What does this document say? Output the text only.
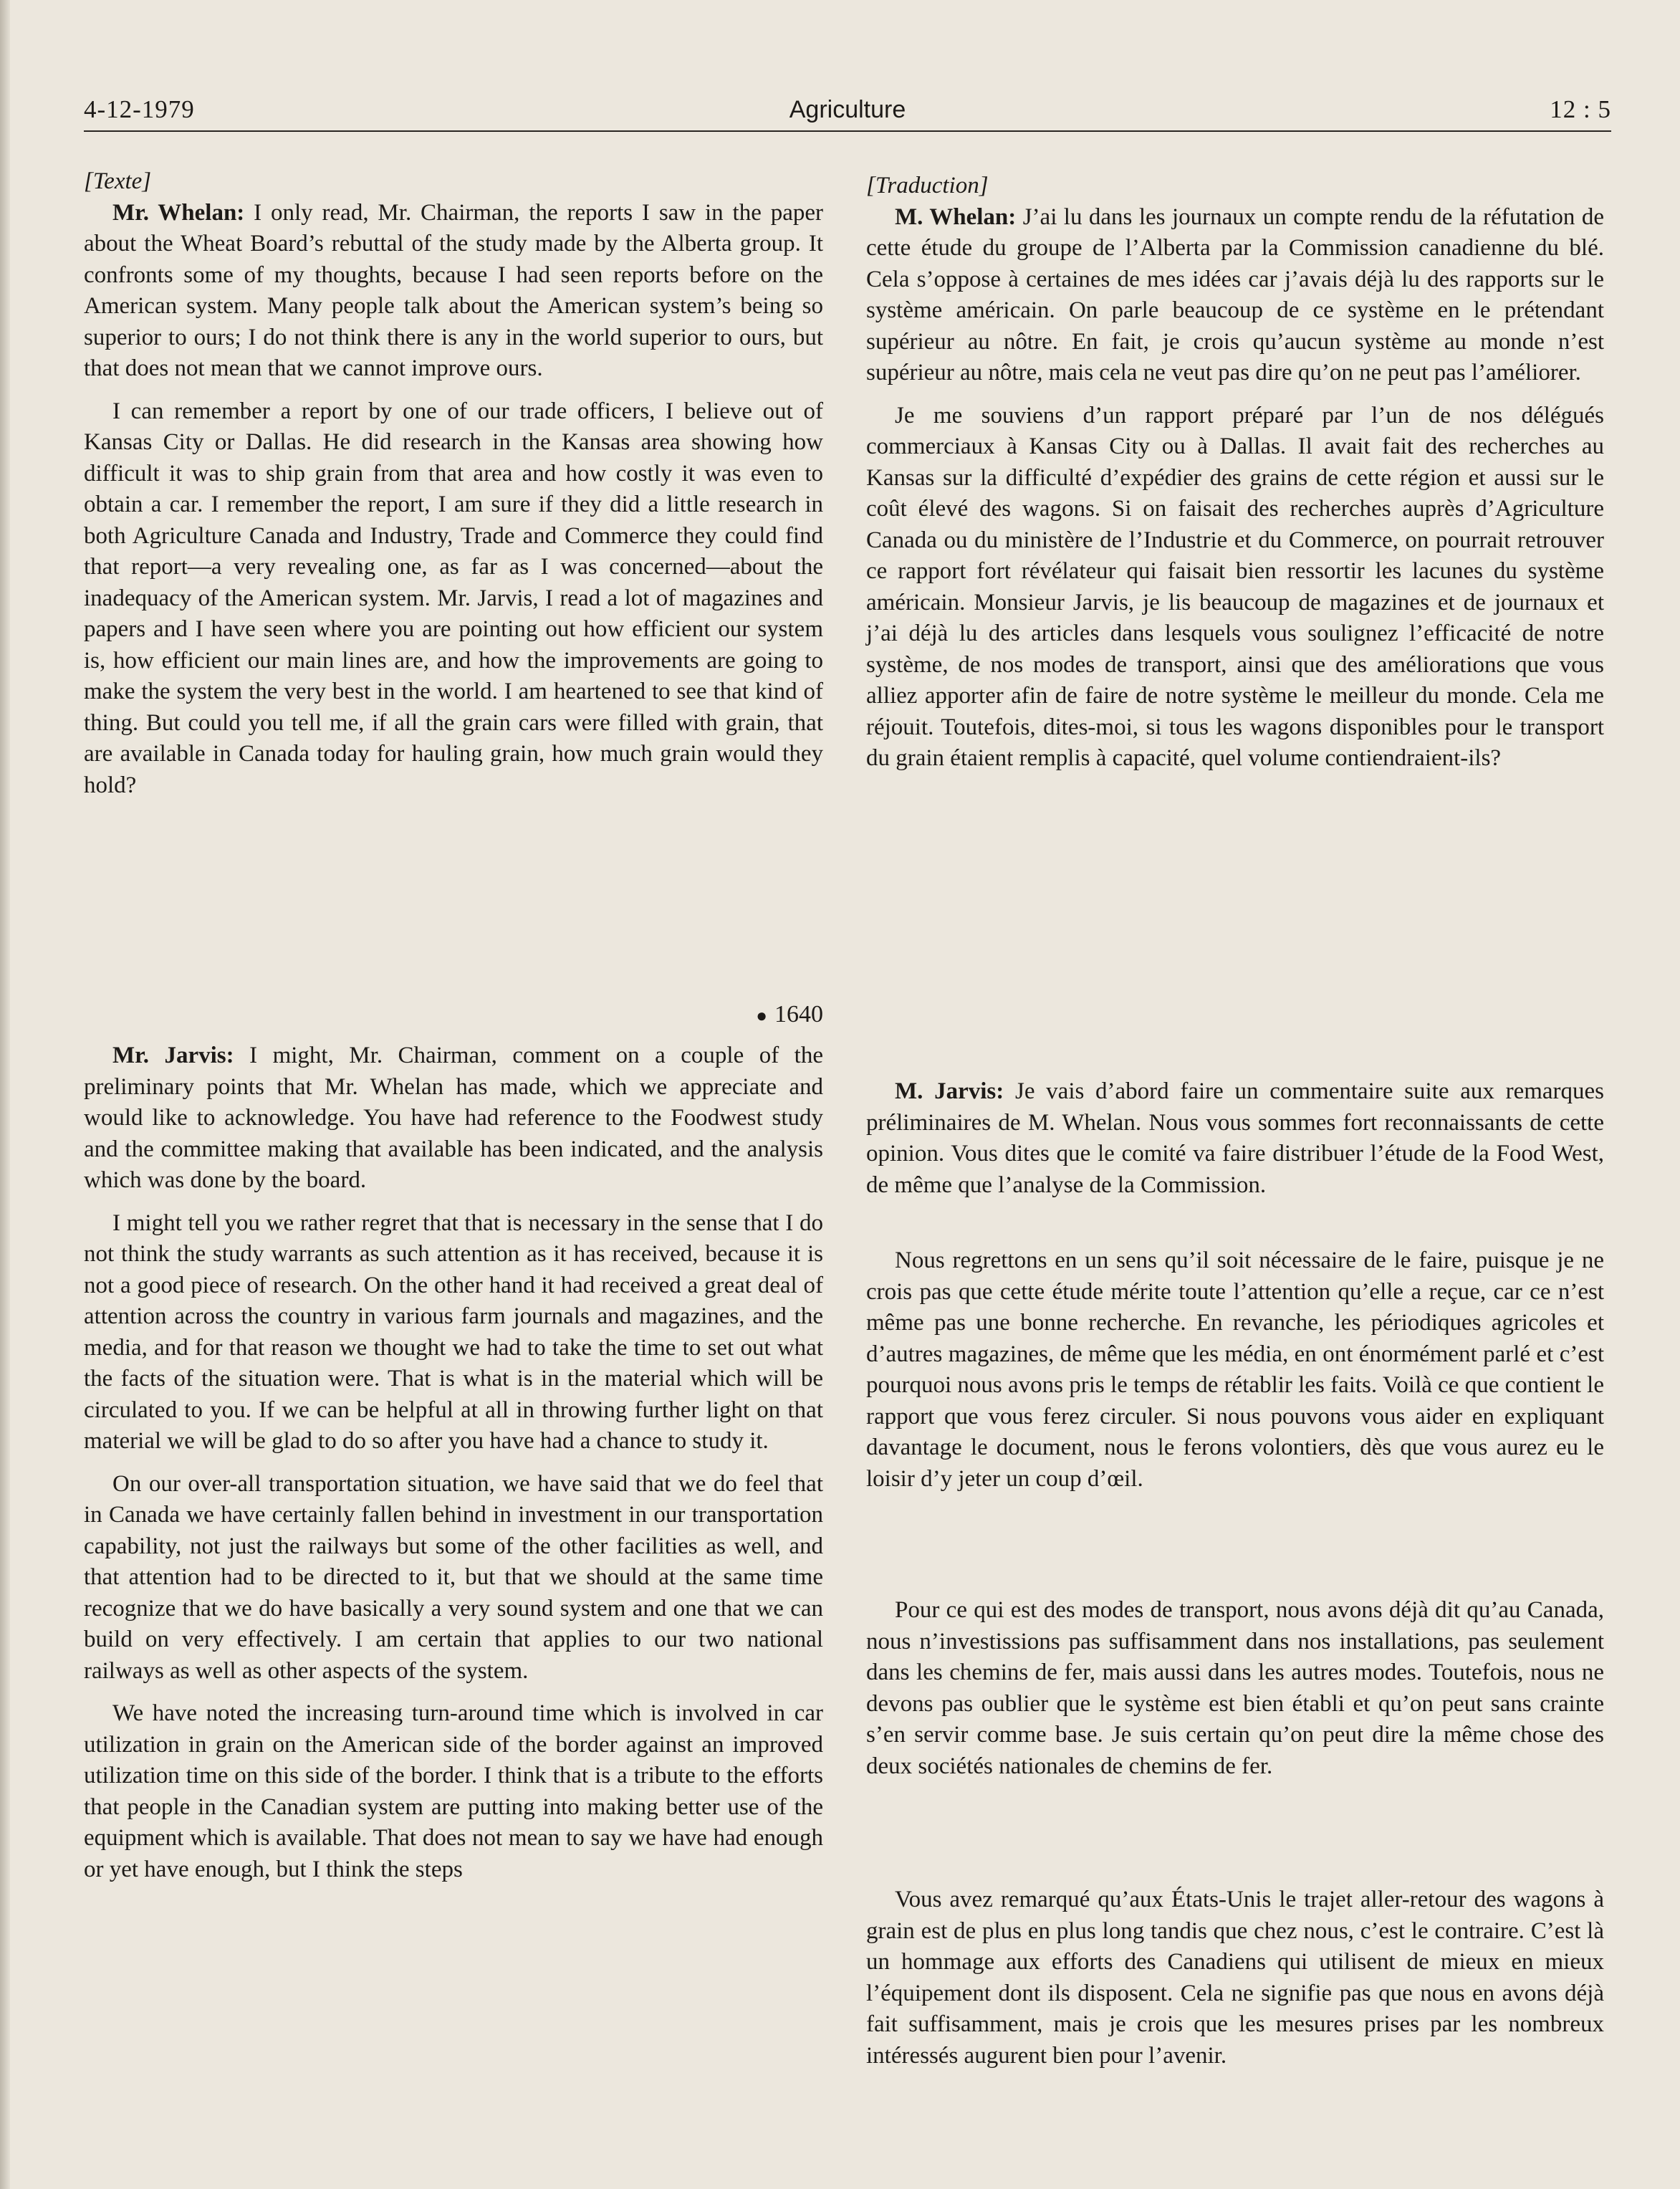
4-12-1979	Agriculture	12 : 5

[Texte]

Mr. Whelan: I only read, Mr. Chairman, the reports I saw in the paper about the Wheat Board’s rebuttal of the study made by the Alberta group. It confronts some of my thoughts, because I had seen reports before on the American system. Many people talk about the American system’s being so superior to ours; I do not think there is any in the world superior to ours, but that does not mean that we cannot improve ours.

I can remember a report by one of our trade officers, I believe out of Kansas City or Dallas. He did research in the Kansas area showing how difficult it was to ship grain from that area and how costly it was even to obtain a car. I remember the report, I am sure if they did a little research in both Agriculture Canada and Industry, Trade and Commerce they could find that report—a very revealing one, as far as I was concerned—about the inadequacy of the American system. Mr. Jarvis, I read a lot of magazines and papers and I have seen where you are pointing out how efficient our system is, how efficient our main lines are, and how the improvements are going to make the system the very best in the world. I am heartened to see that kind of thing. But could you tell me, if all the grain cars were filled with grain, that are available in Canada today for hauling grain, how much grain would they hold?

● 1640

Mr. Jarvis: I might, Mr. Chairman, comment on a couple of the preliminary points that Mr. Whelan has made, which we appreciate and would like to acknowledge. You have had reference to the Foodwest study and the committee making that available has been indicated, and the analysis which was done by the board.

I might tell you we rather regret that that is necessary in the sense that I do not think the study warrants as such attention as it has received, because it is not a good piece of research. On the other hand it had received a great deal of attention across the country in various farm journals and magazines, and the media, and for that reason we thought we had to take the time to set out what the facts of the situation were. That is what is in the material which will be circulated to you. If we can be helpful at all in throwing further light on that material we will be glad to do so after you have had a chance to study it.

On our over-all transportation situation, we have said that we do feel that in Canada we have certainly fallen behind in investment in our transportation capability, not just the railways but some of the other facilities as well, and that attention had to be directed to it, but that we should at the same time recognize that we do have basically a very sound system and one that we can build on very effectively. I am certain that applies to our two national railways as well as other aspects of the system.

We have noted the increasing turn-around time which is involved in car utilization in grain on the American side of the border against an improved utilization time on this side of the border. I think that is a tribute to the efforts that people in the Canadian system are putting into making better use of the equipment which is available. That does not mean to say we have had enough or yet have enough, but I think the steps

[Traduction]

M. Whelan: J’ai lu dans les journaux un compte rendu de la réfutation de cette étude du groupe de l’Alberta par la Commission canadienne du blé. Cela s’oppose à certaines de mes idées car j’avais déjà lu des rapports sur le système américain. On parle beaucoup de ce système en le prétendant supérieur au nôtre. En fait, je crois qu’aucun système au monde n’est supérieur au nôtre, mais cela ne veut pas dire qu’on ne peut pas l’améliorer.

Je me souviens d’un rapport préparé par l’un de nos délégués commerciaux à Kansas City ou à Dallas. Il avait fait des recherches au Kansas sur la difficulté d’expédier des grains de cette région et aussi sur le coût élevé des wagons. Si on faisait des recherches auprès d’Agriculture Canada ou du ministère de l’Industrie et du Commerce, on pourrait retrouver ce rapport fort révélateur qui faisait bien ressortir les lacunes du système américain. Monsieur Jarvis, je lis beaucoup de magazines et de journaux et j’ai déjà lu des articles dans lesquels vous soulignez l’efficacité de notre système, de nos modes de transport, ainsi que des améliorations que vous alliez apporter afin de faire de notre système le meilleur du monde. Cela me réjouit. Toutefois, dites-moi, si tous les wagons disponibles pour le transport du grain étaient remplis à capacité, quel volume contiendraient-ils?

M. Jarvis: Je vais d’abord faire un commentaire suite aux remarques préliminaires de M. Whelan. Nous vous sommes fort reconnaissants de cette opinion. Vous dites que le comité va faire distribuer l’étude de la Food West, de même que l’analyse de la Commission.

Nous regrettons en un sens qu’il soit nécessaire de le faire, puisque je ne crois pas que cette étude mérite toute l’attention qu’elle a reçue, car ce n’est même pas une bonne recherche. En revanche, les périodiques agricoles et d’autres magazines, de même que les média, en ont énormément parlé et c’est pourquoi nous avons pris le temps de rétablir les faits. Voilà ce que contient le rapport que vous ferez circuler. Si nous pouvons vous aider en expliquant davantage le document, nous le ferons volontiers, dès que vous aurez eu le loisir d’y jeter un coup d’œil.

Pour ce qui est des modes de transport, nous avons déjà dit qu’au Canada, nous n’investissions pas suffisamment dans nos installations, pas seulement dans les chemins de fer, mais aussi dans les autres modes. Toutefois, nous ne devons pas oublier que le système est bien établi et qu’on peut sans crainte s’en servir comme base. Je suis certain qu’on peut dire la même chose des deux sociétés nationales de chemins de fer.

Vous avez remarqué qu’aux États-Unis le trajet aller-retour des wagons à grain est de plus en plus long tandis que chez nous, c’est le contraire. C’est là un hommage aux efforts des Canadiens qui utilisent de mieux en mieux l’équipement dont ils disposent. Cela ne signifie pas que nous en avons déjà fait suffisamment, mais je crois que les mesures prises par les nombreux intéressés augurent bien pour l’avenir.
